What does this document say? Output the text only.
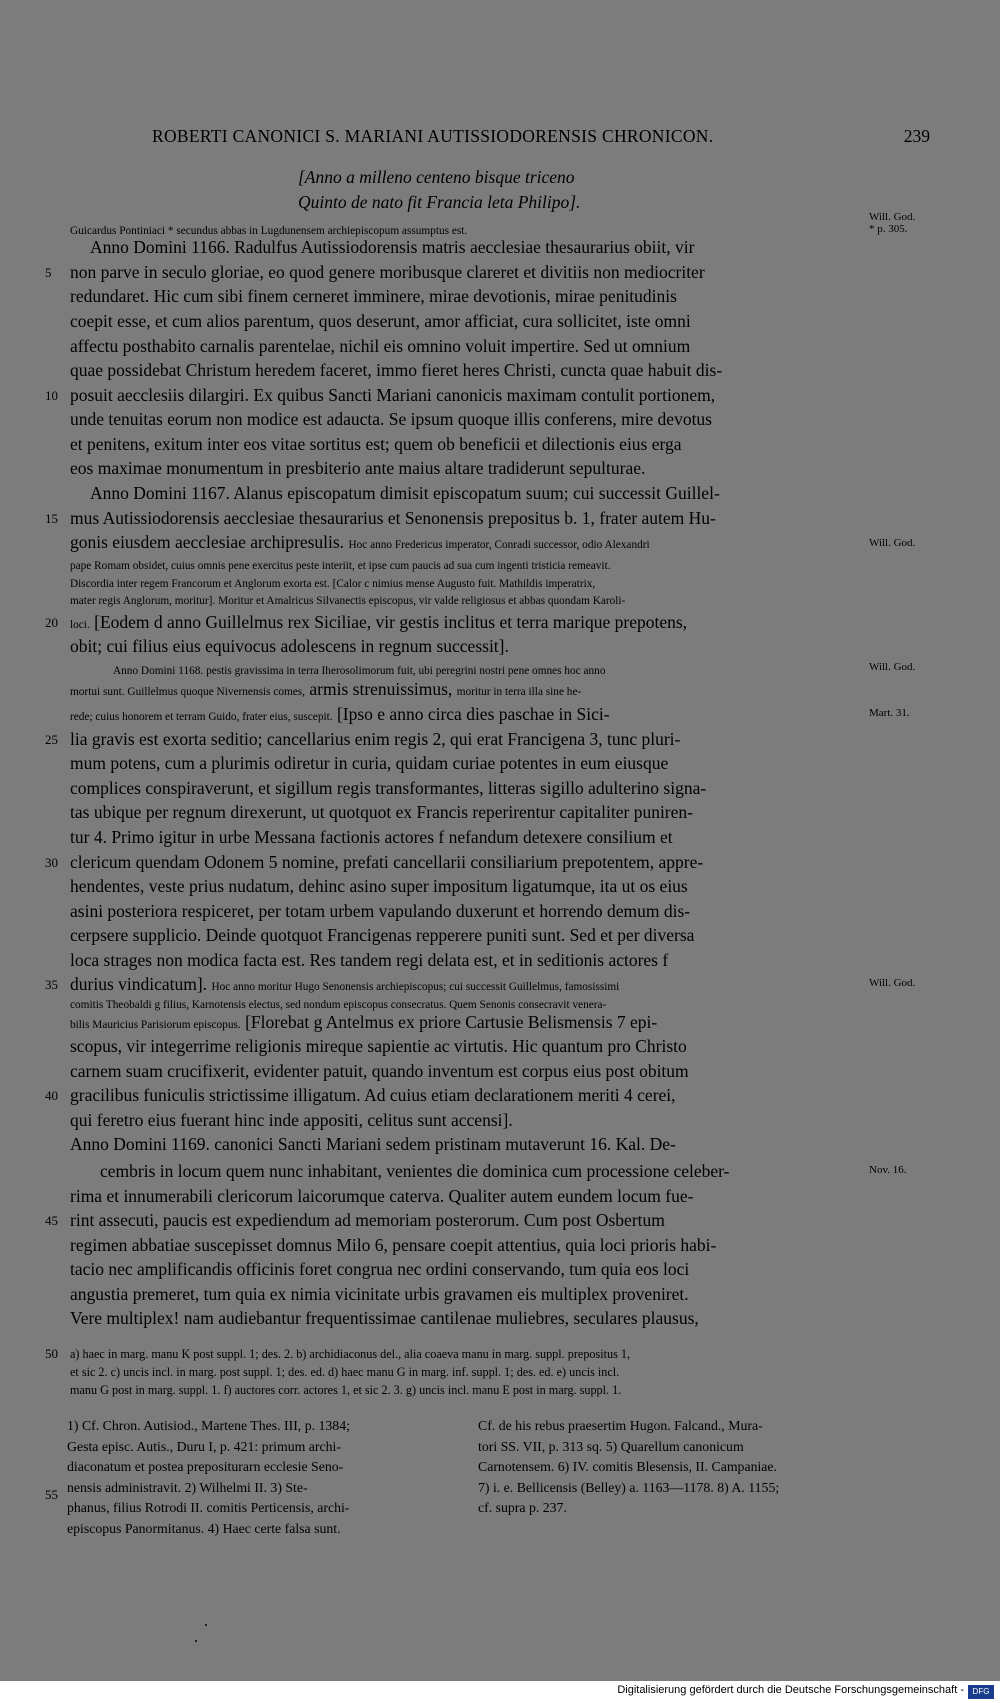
ROBERTI CANONICI S. MARIANI AUTISSIODORENSIS CHRONICON.	239
[Anno a milleno centeno bisque triceno
Quinto de nato fit Francia leta Philipo].
Guicardus Pontiniaci * secundus abbas in Lugdunensem archiepiscopum assumptus est.
Anno Domini 1166. Radulfus Autissiodorensis matris aecclesiae thesaurarius obiit, vir
non parve in seculo gloriae, eo quod genere moribusque clareret et divitiis non mediocriter
redundaret. Hic cum sibi finem cerneret imminere, mirae devotionis, mirae penitudinis
coepit esse, et cum alios parentum, quos deserunt, amor afficiat, cura sollicitet, iste omni
affectu posthabito carnalis parentelae, nichil eis omnino voluit impertire. Sed ut omnium
quae possidebat Christum heredem faceret, immo fieret heres Christi, cuncta quae habuit dis-
posuit aecclesiis dilargiri. Ex quibus Sancti Mariani canonicis maximam contulit portionem,
unde tenuitas eorum non modice est adaucta. Se ipsum quoque illis conferens, mire devotus
et penitens, exitum inter eos vitae sortitus est; quem ob beneficii et dilectionis eius erga
eos maximae monumentum in presbiterio ante maius altare tradiderunt sepulturae.
Anno Domini 1167. Alanus episcopatum dimisit episcopatum suum; cui successit Guillel-
mus Autissiodorensis aecclesiae thesaurarius et Senonensis prepositus b. 1, frater autem Hu-
gonis eiusdem aecclesiae archipresulis. Hoc anno Fredericus imperator, Conradi successor, odio Alexandri
pape Romam obsidet, cuius omnis pene exercitus peste interiit, et ipse cum paucis ad sua cum ingenti tristicia remeavit.
Discordia inter regem Francorum et Anglorum exorta est. [Calor c nimius mense Augusto fuit. Mathildis imperatrix,
mater regis Anglorum, moritur]. Moritur et Amalricus Silvanectis episcopus, vir valde religiosus et abbas quondam Karoli-
loci. [Eodem d anno Guillelmus rex Siciliae, vir gestis inclitus et terra marique prepotens,
obit; cui filius eius equivocus adolescens in regnum successit].
Anno Domini 1168. pestis gravissima in terra Iherosolimorum fuit, ubi peregrini nostri pene omnes hoc anno
mortui sunt. Guillelmus quoque Nivernensis comes, armis strenuissimus, moritur in terra illa sine he-
rede; cuius honorem et terram Guido, frater eius, suscepit. [Ipso e anno circa dies paschae in Sici-
lia gravis est exorta seditio; cancellarius enim regis 2, qui erat Francigena 3, tunc pluri-
mum potens, cum a plurimis odiretur in curia, quidam curiae potentes in eum eiusque
complices conspiraverunt, et sigillum regis transformantes, litteras sigillo adulterino signa-
tas ubique per regnum direxerunt, ut quotquot ex Francis reperirentur capitaliter puniren-
tur 4. Primo igitur in urbe Messana factionis actores f nefandum detexere consilium et
clericum quendam Odonem 5 nomine, prefati cancellarii consiliarium prepotentem, appre-
hendentes, veste prius nudatum, dehinc asino super impositum ligatumque, ita ut os eius
asini posteriora respiceret, per totam urbem vapulando duxerunt et horrendo demum dis-
cerpsere supplicio. Deinde quotquot Francigenas repperere puniti sunt. Sed et per diversa
loca strages non modica facta est. Res tandem regi delata est, et in seditionis actores f
durius vindicatum]. Hoc anno moritur Hugo Senonensis archiepiscopus; cui successit Guillelmus, famosissimi
comitis Theobaldi g filius, Karnotensis electus, sed nondum episcopus consecratus. Quem Senonis consecravit venera-
bilis Mauricius Parisiorum episcopus. [Florebat g Antelmus ex priore Cartusie Belismensis 7 epi-
scopus, vir integerrime religionis mireque sapientie ac virtutis. Hic quantum pro Christo
carnem suam crucifixerit, evidenter patuit, quando inventum est corpus eius post obitum
gracilibus funiculis strictissime illigatum. Ad cuius etiam declarationem meriti 4 cerei,
qui feretro eius fuerant hinc inde appositi, celitus sunt accensi].
Anno Domini 1169. canonici Sancti Mariani sedem pristinam mutaverunt 16. Kal. De-
cembris in locum quem nunc inhabitant, venientes die dominica cum processione celeber-
rima et innumerabili clericorum laicorumque caterva. Qualiter autem eundem locum fue-
rint assecuti, paucis est expediendum ad memoriam posterorum. Cum post Osbertum
regimen abbatiae suscepisset domnus Milo 6, pensare coepit attentius, quia loci prioris habi-
tacio nec amplificandis officinis foret congrua nec ordini conservando, tum quia eos loci
angustia premeret, tum quia ex nimia vicinitate urbis gravamen eis multiplex proveniret.
Vere multiplex! nam audiebantur frequentissimae cantilenae muliebres, seculares plausus,
5
10
15
20
25
30
35
40
45
50
55
Will. God.
* p. 305.
Will. God.
Will. God.
Mart. 31.
Will. God.
Nov. 16.
a) haec in marg. manu K post suppl. 1; des. 2. b) archidiaconus del., alia coaeva manu in marg. suppl. prepositus 1,
et sic 2. c) uncis incl. in marg. post suppl. 1; des. ed. d) haec manu G in marg. inf. suppl. 1; des. ed. e) uncis incl.
manu G post in marg. suppl. 1. f) auctores corr. actores 1, et sic 2. 3. g) uncis incl. manu E post in marg. suppl. 1.
1) Cf. Chron. Autisiod., Martene Thes. III, p. 1384;
Gesta episc. Autis., Duru I, p. 421: primum archi-
diaconatum et postea prepositurarn ecclesie Seno-
nensis administravit. 2) Wilhelmi II. 3) Ste-
phanus, filius Rotrodi II. comitis Perticensis, archi-
episcopus Panormitanus. 4) Haec certe falsa sunt.
Cf. de his rebus praesertim Hugon. Falcand., Mura-
tori SS. VII, p. 313 sq. 5) Quarellum canonicum
Carnotensem. 6) IV. comitis Blesensis, II. Campaniae.
7) i. e. Bellicensis (Belley) a. 1163—1178. 8) A. 1155;
cf. supra p. 237.
Digitalisierung gefördert durch die Deutsche Forschungsgemeinschaft -	DFG
